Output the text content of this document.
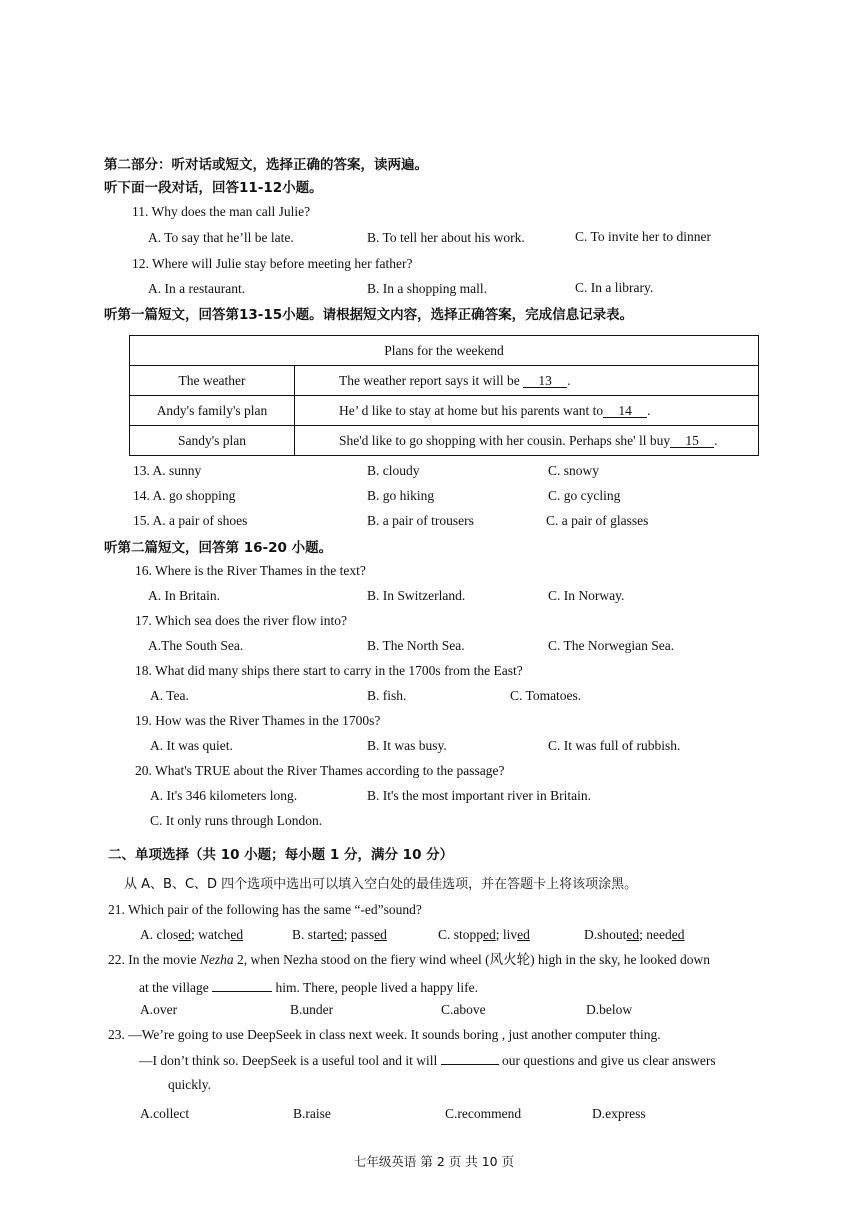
第二部分：听对话或短文，选择正确的答案，读两遍。
听下面一段对话，回答11-12小题。
11. Why does the man call Julie?
A. To say that he’ll be late.	B. To tell her about his work.	C. To invite her to dinner
12. Where will Julie stay before meeting her father?
A. In a restaurant.	B. In a shopping mall.	C. In a library.
听第一篇短文，回答第13-15小题。请根据短文内容，选择正确答案，完成信息记录表。
Plans for the weekend	
The weather	The weather report says it will be 13 .
Andy's family's plan	He’ d like to stay at home but his parents want to 14 .
Sandy's plan	She'd like to go shopping with her cousin. Perhaps she' ll buy 15 .
13. A. sunny	B. cloudy	C. snowy
14. A. go shopping	B. go hiking	C. go cycling
15. A. a pair of shoes	B. a pair of trousers	C. a pair of glasses
听第二篇短文，回答第 16-20 小题。
16. Where is the River Thames in the text?
A. In Britain.	B. In Switzerland.	C. In Norway.
17. Which sea does the river flow into?
A.The South Sea.	B. The North Sea.	C. The Norwegian Sea.
18. What did many ships there start to carry in the 1700s from the East?
A. Tea.	B. fish.	C. Tomatoes.
19. How was the River Thames in the 1700s?
A. It was quiet.	B. It was busy.	C. It was full of rubbish.
20. What's TRUE about the River Thames according to the passage?
A. It's 346 kilometers long.	B. It's the most important river in Britain.
C. It only runs through London.
二、单项选择（共 10 小题；每小题 1 分，满分 10 分）
从 A、B、C、D 四个选项中选出可以填入空白处的最佳选项，并在答题卡上将该项涂黑。
21. Which pair of the following has the same “-ed”sound?
A. closed; watched	B. started; passed	C. stopped; lived	D.shouted; needed
22. In the movie Nezha 2, when Nezha stood on the fiery wind wheel (风火轮) high in the sky, he looked down
at the village	him. There, people lived a happy life.
A.over	B.under	C.above	D.below
23. —We’re going to use DeepSeek in class next week. It sounds boring , just another computer thing.
—I don’t think so. DeepSeek is a useful tool and it will	our questions and give us clear answers
quickly.
A.collect	B.raise	C.recommend	D.express
七年级英语 第 2 页 共 10 页
